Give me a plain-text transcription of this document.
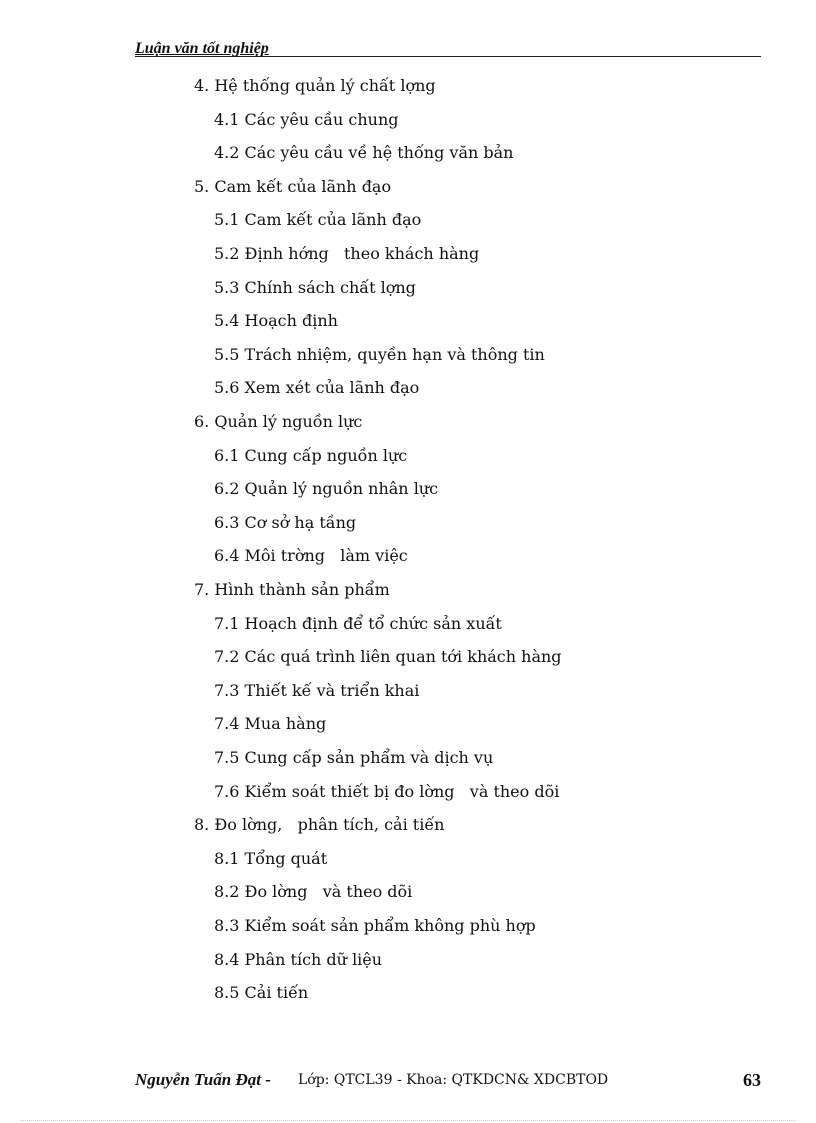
Luận văn tốt nghiệp
4. Hệ thống quản lý chất lợng
4.1 Các yêu cầu chung
4.2 Các yêu cầu về hệ thống văn bản
5. Cam kết của lãnh đạo
5.1 Cam kết của lãnh đạo
5.2 Định hớng   theo khách hàng
5.3 Chính sách chất lợng
5.4 Hoạch định
5.5 Trách nhiệm, quyền hạn và thông tin
5.6 Xem xét của lãnh đạo
6. Quản lý nguồn lực
6.1 Cung cấp nguồn lực
6.2 Quản lý nguồn nhân lực
6.3 Cơ sở hạ tầng
6.4 Môi trờng   làm việc
7. Hình thành sản phẩm
7.1 Hoạch định để tổ chức sản xuất
7.2 Các quá trình liên quan tới khách hàng
7.3 Thiết kế và triển khai
7.4 Mua hàng
7.5 Cung cấp sản phẩm và dịch vụ
7.6 Kiểm soát thiết bị đo lờng   và theo dõi
8. Đo lờng,   phân tích, cải tiến
8.1 Tổng quát
8.2 Đo lờng   và theo dõi
8.3 Kiểm soát sản phẩm không phù hợp
8.4 Phân tích dữ liệu
8.5 Cải tiến
Nguyễn Tuấn Đạt - Lớp: QTCL39 - Khoa: QTKDCN& XDCBTOD	63
